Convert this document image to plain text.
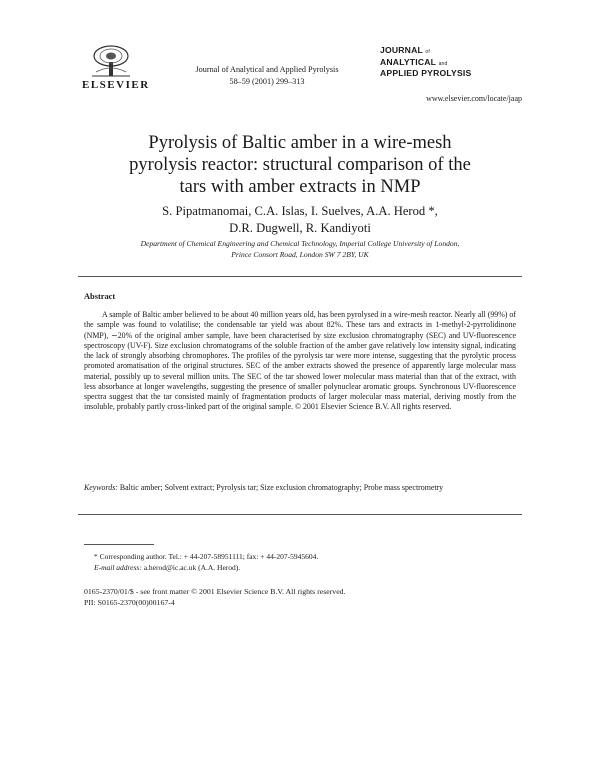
ELSEVIER
Journal of Analytical and Applied Pyrolysis
58–59 (2001) 299–313
JOURNAL of
ANALYTICAL and
APPLIED PYROLYSIS
www.elsevier.com/locate/jaap
Pyrolysis of Baltic amber in a wire-mesh
pyrolysis reactor: structural comparison of the
tars with amber extracts in NMP
S. Pipatmanomai, C.A. Islas, I. Suelves, A.A. Herod *,
D.R. Dugwell, R. Kandiyoti
Department of Chemical Engineering and Chemical Technology, Imperial College University of London,
Prince Consort Road, London SW 7 2BY, UK
Abstract
A sample of Baltic amber believed to be about 40 million years old, has been pyrolysed in a wire-mesh reactor. Nearly all (99%) of the sample was found to volatilise; the condensable tar yield was about 82%. These tars and extracts in 1-methyl-2-pyrrolidinone (NMP), ∼20% of the original amber sample, have been characterised by size exclusion chromatography (SEC) and UV-fluorescence spectroscopy (UV-F). Size exclusion chromatograms of the soluble fraction of the amber gave relatively low intensity signal, indicating the lack of strongly absorbing chromophores. The profiles of the pyrolysis tar were more intense, suggesting that the pyrolytic process promoted aromatisation of the original structures. SEC of the amber extracts showed the presence of apparently large molecular mass material, possibly up to several million units. The SEC of the tar showed lower molecular mass material than that of the extract, with less absorbance at longer wavelengths, suggesting the presence of smaller polynuclear aromatic groups. Synchronous UV-fluorescence spectra suggest that the tar consisted mainly of fragmentation products of larger molecular mass material, deriving mostly from the insoluble, probably partly cross-linked part of the original sample. © 2001 Elsevier Science B.V. All rights reserved.
Keywords: Baltic amber; Solvent extract; Pyrolysis tar; Size exclusion chromatography; Probe mass spectrometry
* Corresponding author. Tel.: + 44-207-58951111; fax: + 44-207-5945604.
E-mail address: a.herod@ic.ac.uk (A.A. Herod).
0165-2370/01/$ - see front matter © 2001 Elsevier Science B.V. All rights reserved.
PII: S0165-2370(00)00167-4
